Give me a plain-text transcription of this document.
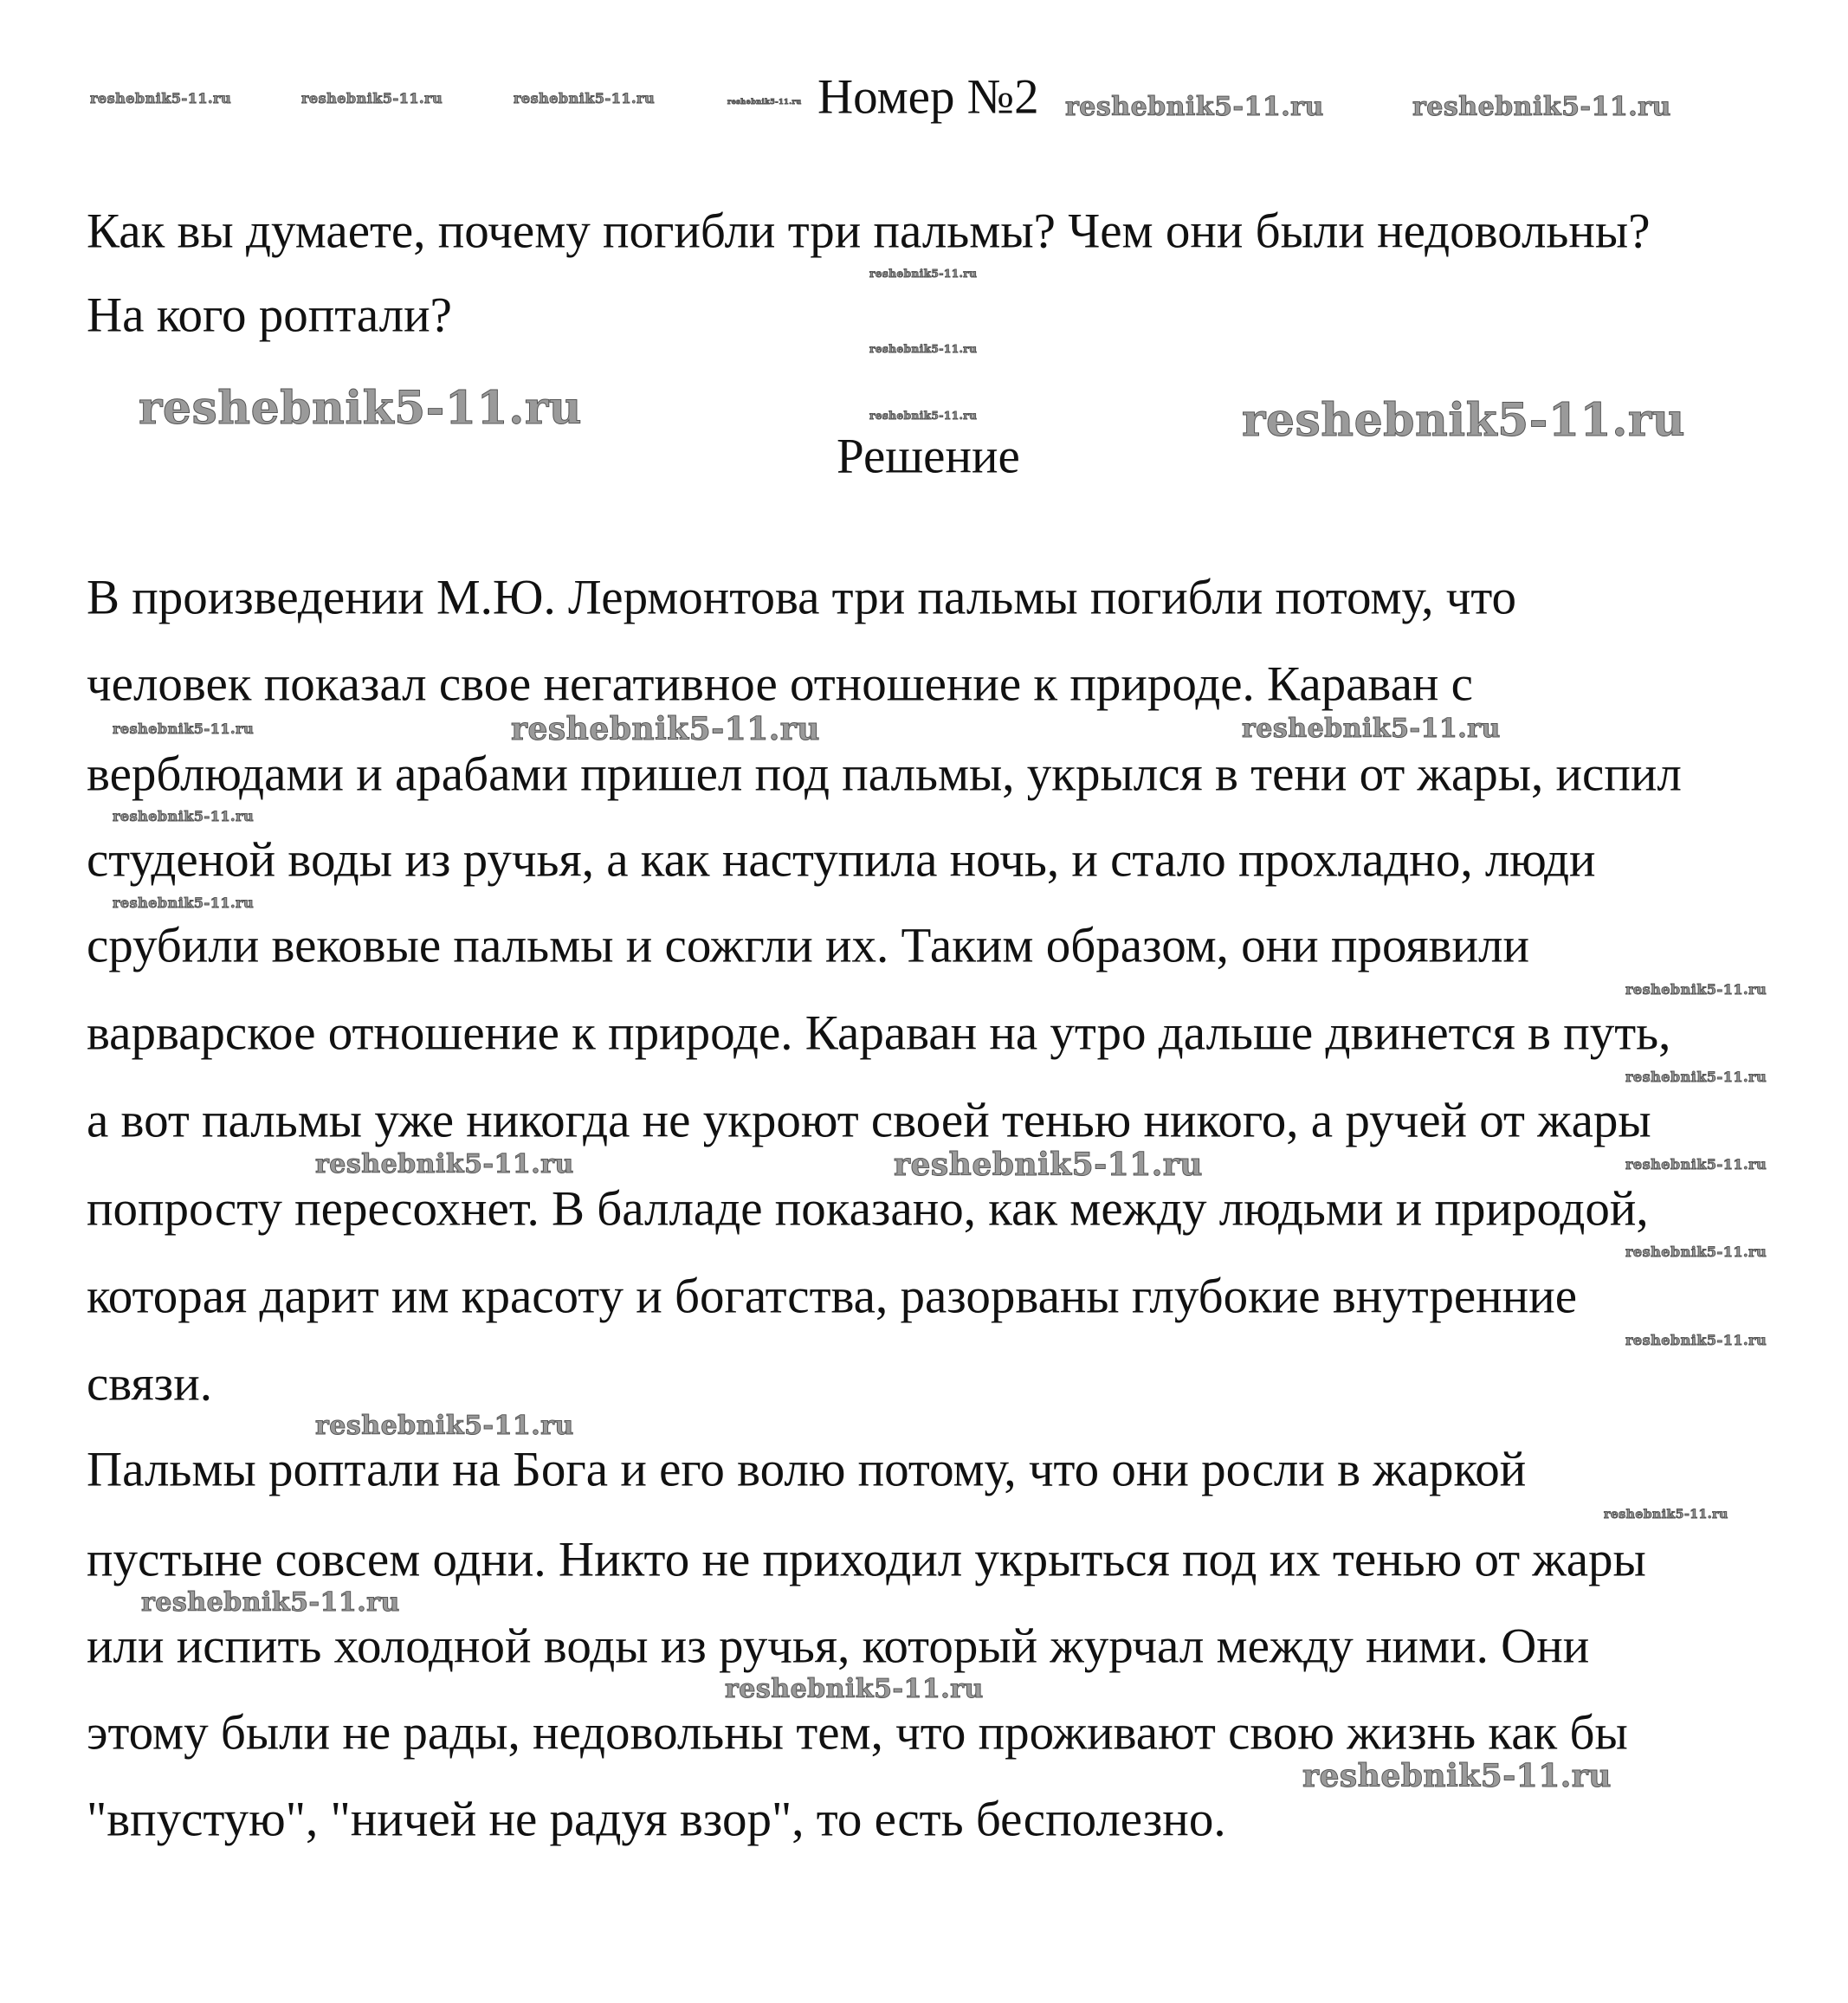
reshebnik5-11.ru	reshebnik5-11.ru	reshebnik5-11.ru	reshebnik5-11.ru	reshebnik5-11.ru	reshebnik5-11.ru
reshebnik5-11.ru
reshebnik5-11.ru
reshebnik5-11.ru
reshebnik5-11.ru	reshebnik5-11.ru
reshebnik5-11.ru	reshebnik5-11.ru	reshebnik5-11.ru
reshebnik5-11.ru
reshebnik5-11.ru
reshebnik5-11.ru
reshebnik5-11.ru
reshebnik5-11.ru	reshebnik5-11.ru	reshebnik5-11.ru
reshebnik5-11.ru
reshebnik5-11.ru
reshebnik5-11.ru
reshebnik5-11.ru
reshebnik5-11.ru
reshebnik5-11.ru
reshebnik5-11.ru
Номер №2
Как вы думаете, почему погибли три пальмы? Чем они были недовольны?
На кого роптали?
Решение
В произведении М.Ю. Лермонтова три пальмы погибли потому, что
человек показал свое негативное отношение к природе. Караван с
верблюдами и арабами пришел под пальмы, укрылся в тени от жары, испил
студеной воды из ручья, а как наступила ночь, и стало прохладно, люди
срубили вековые пальмы и сожгли их. Таким образом, они проявили
варварское отношение к природе. Караван на утро дальше двинется в путь,
а вот пальмы уже никогда не укроют своей тенью никого, а ручей от жары
попросту пересохнет. В балладе показано, как между людьми и природой,
которая дарит им красоту и богатства, разорваны глубокие внутренние
связи.
Пальмы роптали на Бога и его волю потому, что они росли в жаркой
пустыне совсем одни. Никто не приходил укрыться под их тенью от жары
или испить холодной воды из ручья, который журчал между ними. Они
этому были не рады, недовольны тем, что проживают свою жизнь как бы
"впустую", "ничей не радуя взор", то есть бесполезно.
